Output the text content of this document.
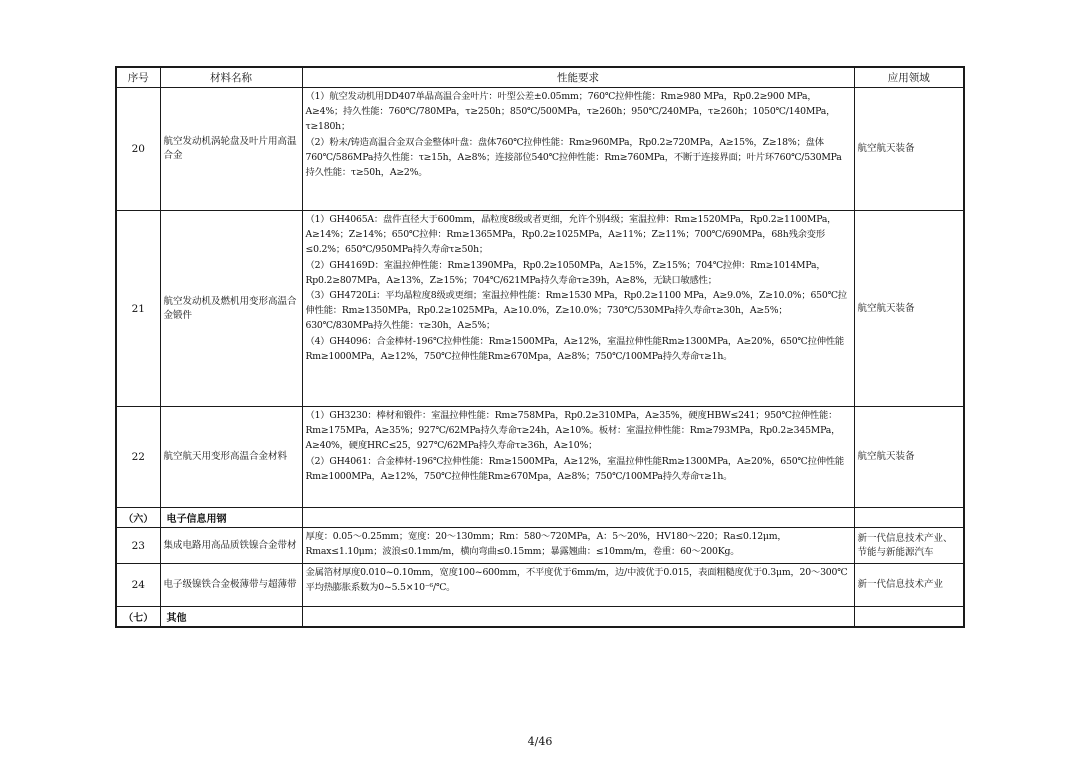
序号	材料名称	性能要求	应用领域
20	航空发动机涡轮盘及叶片用高温合金	（1）航空发动机用DD407单晶高温合金叶片：叶型公差±0.05mm；760℃拉伸性能：Rm≥980 MPa，Rp0.2≥900 MPa，A≥4%；持久性能：760℃/780MPa，τ≥250h；850℃/500MPa，τ≥260h；950℃/240MPa，τ≥260h；1050℃/140MPa，τ≥180h；
（2）粉末/铸造高温合金双合金整体叶盘：盘体760℃拉伸性能：Rm≥960MPa，Rp0.2≥720MPa，A≥15%，Z≥18%；盘体760℃/586MPa持久性能：τ≥15h，A≥8%；连接部位540℃拉伸性能：Rm≥760MPa，不断于连接界面；叶片环760℃/530MPa持久性能：τ≥50h，A≥2%。	航空航天装备
21	航空发动机及燃机用变形高温合金锻件	（1）GH4065A：盘件直径大于600mm，晶粒度8级或者更细，允许个别4级；室温拉伸：Rm≥1520MPa，Rp0.2≥1100MPa，A≥14%；Z≥14%；650℃拉伸：Rm≥1365MPa，Rp0.2≥1025MPa，A≥11%；Z≥11%；700℃/690MPa，68h残余变形≤0.2%；650℃/950MPa持久寿命τ≥50h；
（2）GH4169D：室温拉伸性能：Rm≥1390MPa，Rp0.2≥1050MPa，A≥15%，Z≥15%；704℃拉伸：Rm≥1014MPa，Rp0.2≥807MPa，A≥13%，Z≥15%；704℃/621MPa持久寿命τ≥39h，A≥8%，无缺口敏感性；
（3）GH4720Li：平均晶粒度8级或更细；室温拉伸性能：Rm≥1530 MPa，Rp0.2≥1100 MPa，A≥9.0%，Z≥10.0%；650℃拉伸性能：Rm≥1350MPa，Rp0.2≥1025MPa，A≥10.0%，Z≥10.0%；730℃/530MPa持久寿命τ≥30h，A≥5%；630℃/830MPa持久性能：τ≥30h，A≥5%；
（4）GH4096：合金棒材-196℃拉伸性能：Rm≥1500MPa，A≥12%，室温拉伸性能Rm≥1300MPa，A≥20%，650℃拉伸性能Rm≥1000MPa，A≥12%，750℃拉伸性能Rm≥670Mpa，A≥8%；750℃/100MPa持久寿命τ≥1h。	航空航天装备
22	航空航天用变形高温合金材料	（1）GH3230：棒材和锻件：室温拉伸性能：Rm≥758MPa，Rp0.2≥310MPa，A≥35%，硬度HBW≤241；950℃拉伸性能：Rm≥175MPa，A≥35%；927℃/62MPa持久寿命τ≥24h，A≥10%。板材：室温拉伸性能：Rm≥793MPa，Rp0.2≥345MPa，A≥40%，硬度HRC≤25，927℃/62MPa持久寿命τ≥36h，A≥10%；
（2）GH4061：合金棒材-196℃拉伸性能：Rm≥1500MPa，A≥12%，室温拉伸性能Rm≥1300MPa，A≥20%，650℃拉伸性能Rm≥1000MPa，A≥12%，750℃拉伸性能Rm≥670Mpa，A≥8%；750℃/100MPa持久寿命τ≥1h。	航空航天装备
（六）	电子信息用钢		
23	集成电路用高品质铁镍合金带材	厚度：0.05～0.25mm；宽度：20～130mm；Rm：580～720MPa，A：5～20%，HV180～220；Ra≤0.12μm，Rmax≤1.10μm；波浪≤0.1mm/m，横向弯曲≤0.15mm；暴露翘曲：≤10mm/m，卷重：60～200Kg。	新一代信息技术产业、节能与新能源汽车
24	电子级镍铁合金极薄带与超薄带	金属箔材厚度0.010~0.10mm，宽度100~600mm，不平度优于6mm/m，边/中波优于0.015，表面粗糙度优于0.3μm，20～300℃平均热膨胀系数为0~5.5×10⁻⁶/℃。	新一代信息技术产业
（七）	其他		
4/46
